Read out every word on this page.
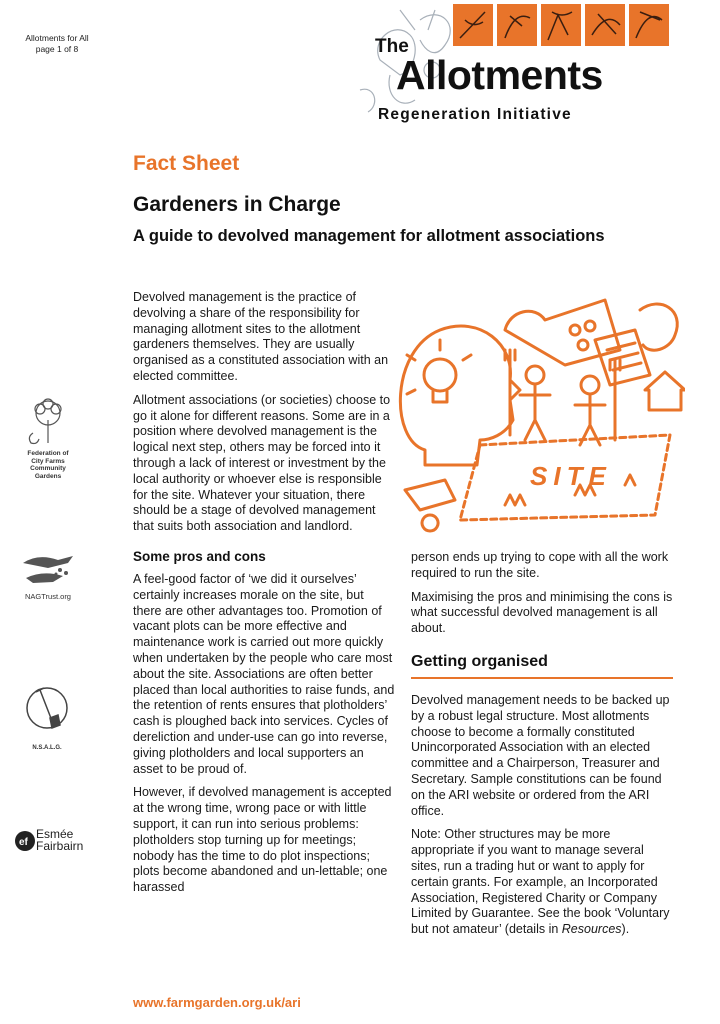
Allotments for All
page 1 of 8	The
Allotments
Regeneration Initiative
Fact Sheet
Gardeners in Charge
A guide to devolved management for allotment associations

Devolved management is the practice of devolving a share of the responsibility for managing allotment sites to the allotment gardeners themselves. They are usually organised as a constituted association with an elected committee.

Allotment associations (or societies) choose to go it alone for different reasons. Some are in a position where devolved management is the logical next step, others may be forced into it through a lack of interest or investment by the local authority or whoever else is responsible for the site. Whatever your situation, there should be a stage of devolved management that suits both association and landlord.

Some pros and cons

A feel-good factor of ‘we did it ourselves’ certainly increases morale on the site, but there are other advantages too. Promotion of vacant plots can be more effective and maintenance work is carried out more quickly when undertaken by the people who care most about the site. Associations are often better placed than local authorities to raise funds, and the retention of rents ensures that plotholders’ cash is ploughed back into services. Cycles of dereliction and under-use can go into reverse, giving plotholders and local supporters an asset to be proud of.

However, if devolved management is accepted at the wrong time, wrong pace or with little support, it can run into serious problems: plotholders stop turning up for meetings; nobody has the time to do plot inspections; plots become abandoned and un-lettable; one harassed

SITE

person ends up trying to cope with all the work required to run the site.

Maximising the pros and minimising the cons is what successful devolved management is all about.

Getting organised

Devolved management needs to be backed up by a robust legal structure. Most allotments choose to become a formally constituted Unincorporated Association with an elected committee and a Chairperson, Treasurer and Secretary. Sample constitutions can be found on the ARI website or ordered from the ARI office.

Note: Other structures may be more appropriate if you want to manage several sites, run a trading hut or want to apply for certain grants. For example, an Incorporated Association, Registered Charity or Company Limited by Guarantee. See the book ‘Voluntary but not amateur’ (details in Resources).

Federation of
City Farms
Community
Gardens
NAGTrust.org
N.S.A.L.G.
ef
Esmée
Fairbairn
www.farmgarden.org.uk/ari
